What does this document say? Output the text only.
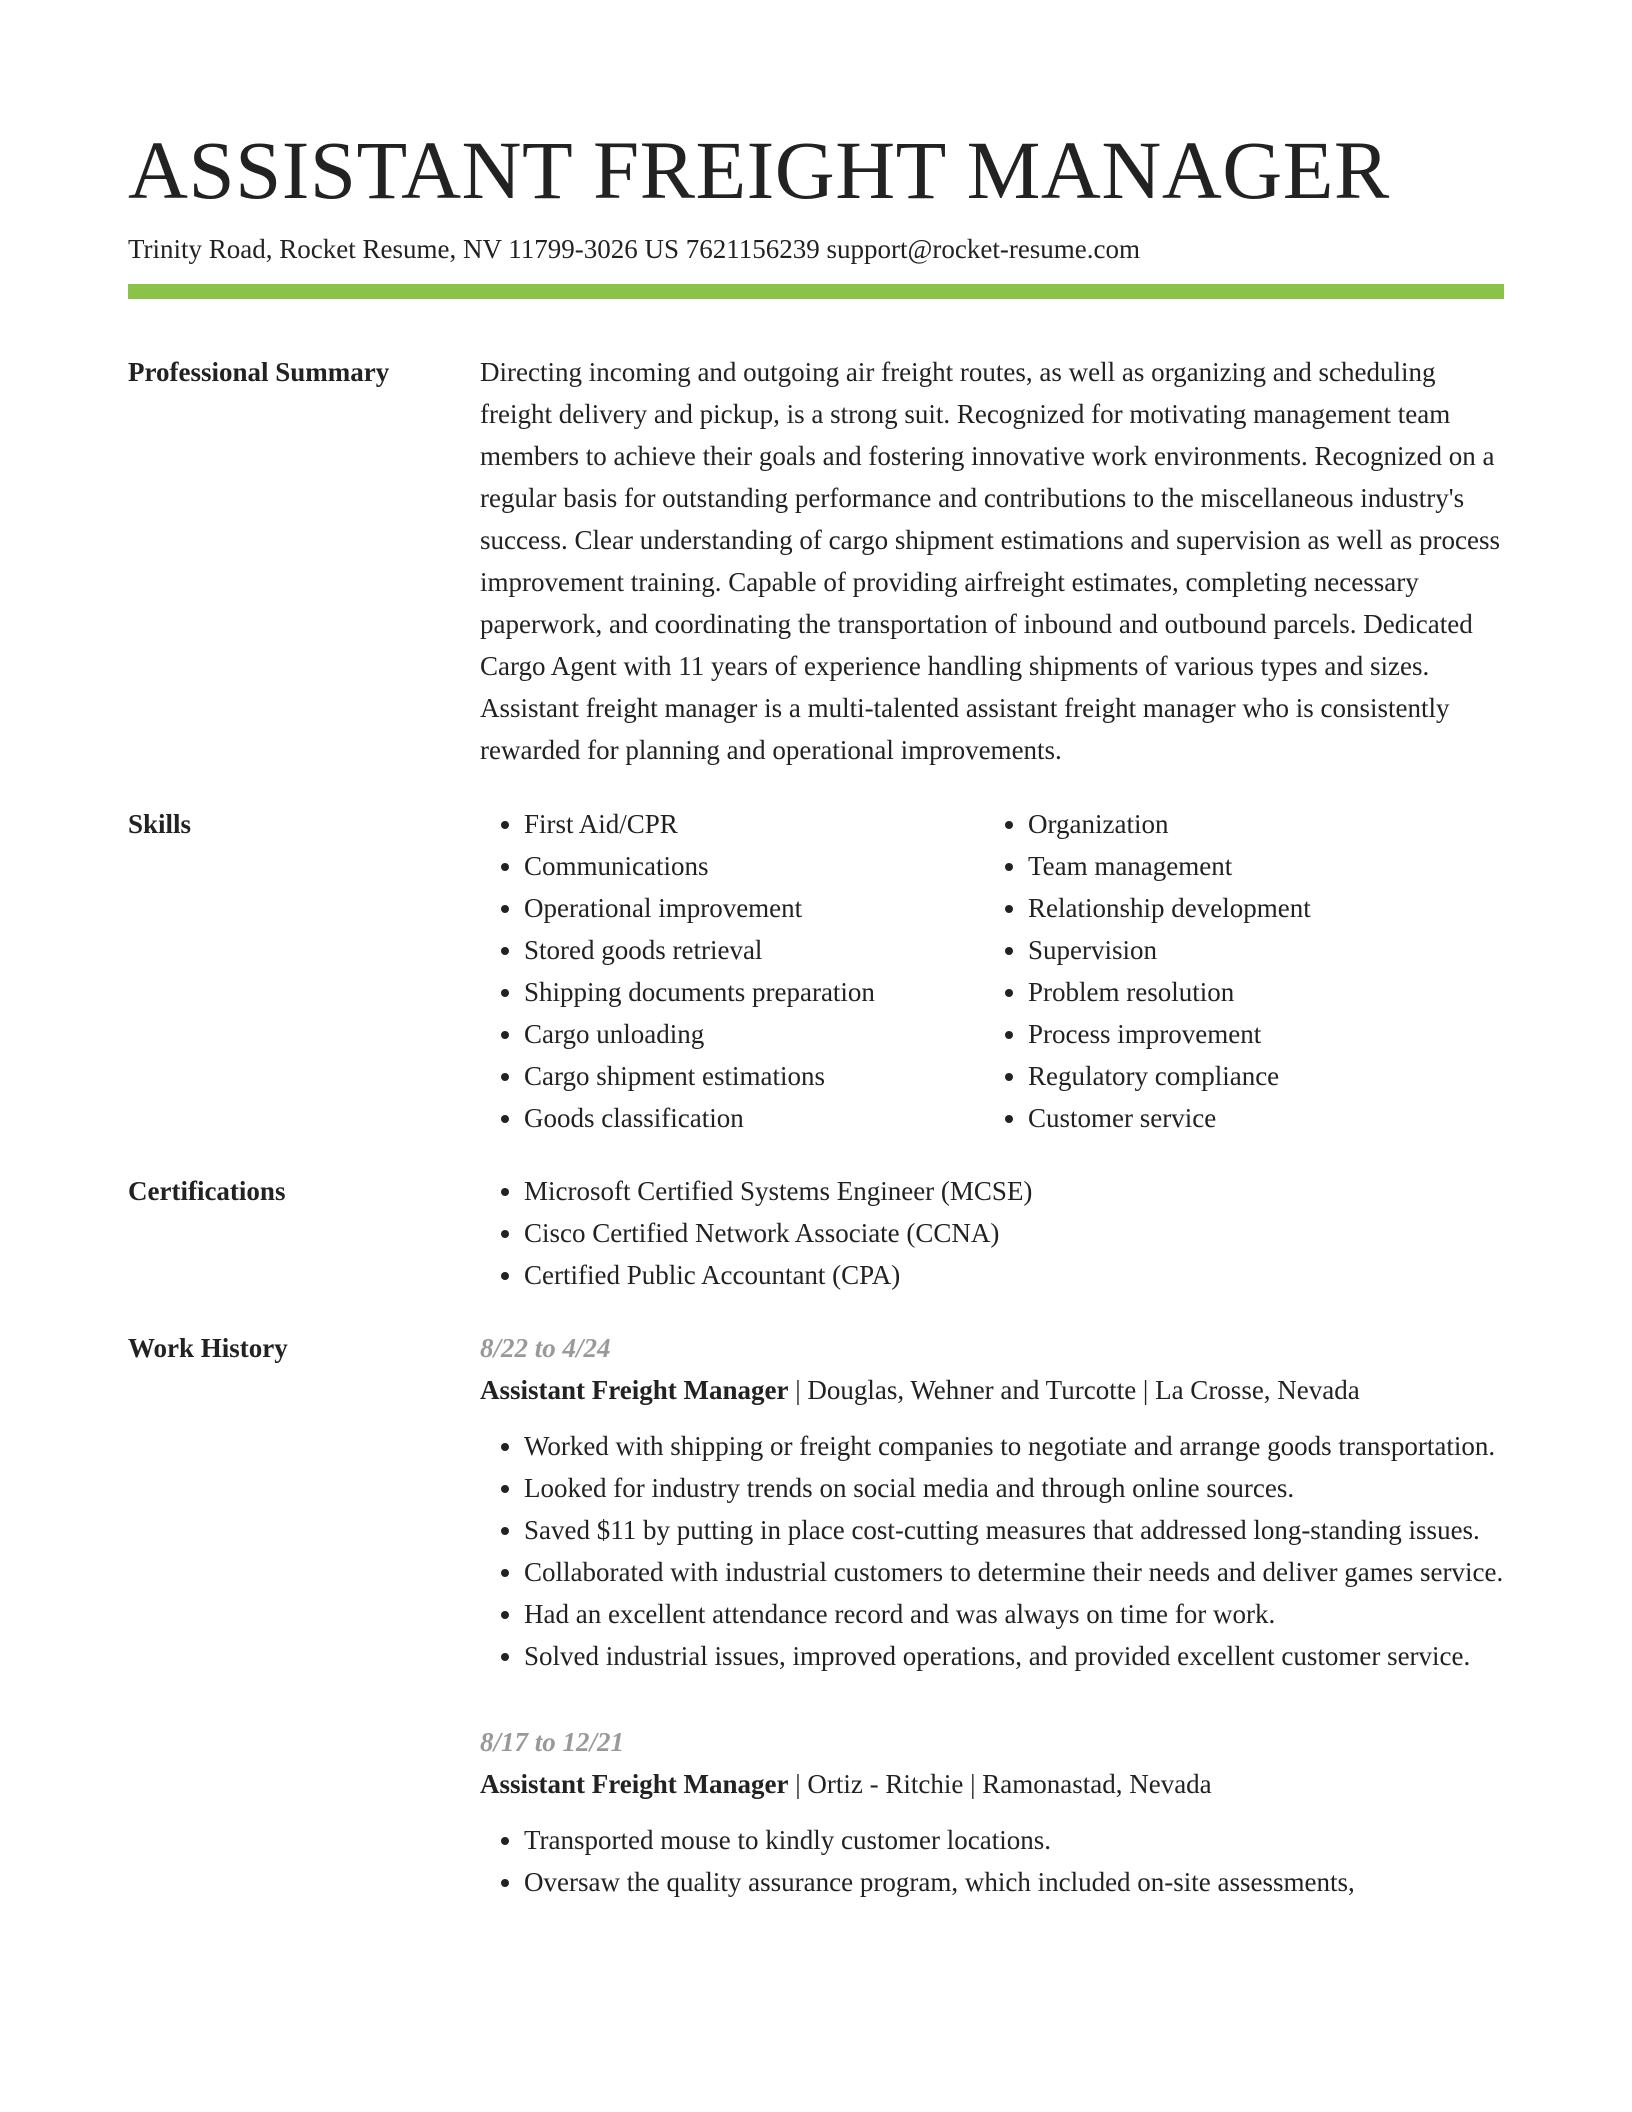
ASSISTANT FREIGHT MANAGER
Trinity Road, Rocket Resume, NV 11799-3026 US 7621156239 support@rocket-resume.com
Professional Summary	Directing incoming and outgoing air freight routes, as well as organizing and scheduling freight delivery and pickup, is a strong suit. Recognized for motivating management team members to achieve their goals and fostering innovative work environments. Recognized on a regular basis for outstanding performance and contributions to the miscellaneous industry's success. Clear understanding of cargo shipment estimations and supervision as well as process improvement training. Capable of providing airfreight estimates, completing necessary paperwork, and coordinating the transportation of inbound and outbound parcels. Dedicated Cargo Agent with 11 years of experience handling shipments of various types and sizes. Assistant freight manager is a multi-talented assistant freight manager who is consistently rewarded for planning and operational improvements.

Skills	• First Aid/CPR
• Communications
• Operational improvement
• Stored goods retrieval
• Shipping documents preparation
• Cargo unloading
• Cargo shipment estimations
• Goods classification
• Organization
• Team management
• Relationship development
• Supervision
• Problem resolution
• Process improvement
• Regulatory compliance
• Customer service
Certifications	• Microsoft Certified Systems Engineer (MCSE)
• Cisco Certified Network Associate (CCNA)
• Certified Public Accountant (CPA)
Work History	8/22 to 4/24
Assistant Freight Manager | Douglas, Wehner and Turcotte | La Crosse, Nevada
• Worked with shipping or freight companies to negotiate and arrange goods transportation.
• Looked for industry trends on social media and through online sources.
• Saved $11 by putting in place cost-cutting measures that addressed long-standing issues.
• Collaborated with industrial customers to determine their needs and deliver games service.
• Had an excellent attendance record and was always on time for work.
• Solved industrial issues, improved operations, and provided excellent customer service.
8/17 to 12/21
Assistant Freight Manager | Ortiz - Ritchie | Ramonastad, Nevada
• Transported mouse to kindly customer locations.
• Oversaw the quality assurance program, which included on-site assessments,
